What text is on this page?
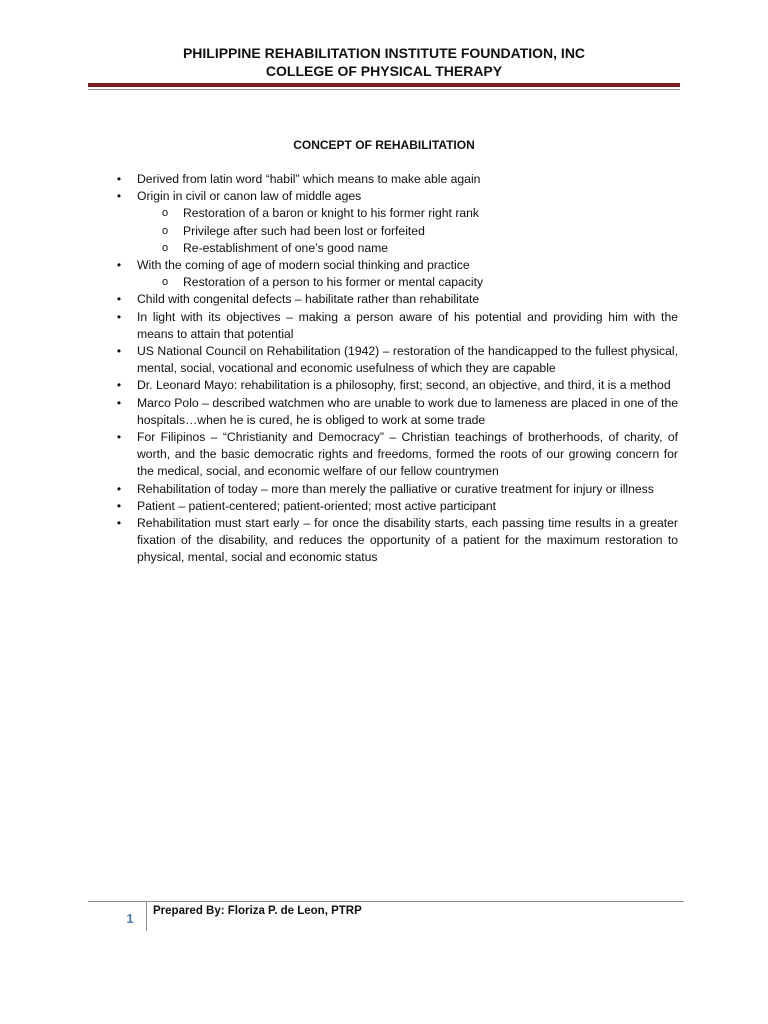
PHILIPPINE REHABILITATION INSTITUTE FOUNDATION, INC
COLLEGE OF PHYSICAL THERAPY
CONCEPT OF REHABILITATION
• Derived from latin word “habil” which means to make able again
• Origin in civil or canon law of middle ages
o Restoration of a baron or knight to his former right rank
o Privilege after such had been lost or forfeited
o Re-establishment of one’s good name
• With the coming of age of modern social thinking and practice
o Restoration of a person to his former or mental capacity
• Child with congenital defects – habilitate rather than rehabilitate
• In light with its objectives – making a person aware of his potential and providing him with the means to attain that potential
• US National Council on Rehabilitation (1942) – restoration of the handicapped to the fullest physical, mental, social, vocational and economic usefulness of which they are capable
• Dr. Leonard Mayo: rehabilitation is a philosophy, first; second, an objective, and third, it is a method
• Marco Polo – described watchmen who are unable to work due to lameness are placed in one of the hospitals…when he is cured, he is obliged to work at some trade
• For Filipinos – “Christianity and Democracy” – Christian teachings of brotherhoods, of charity, of worth, and the basic democratic rights and freedoms, formed the roots of our growing concern for the medical, social, and economic welfare of our fellow countrymen
• Rehabilitation of today – more than merely the palliative or curative treatment for injury or illness
• Patient – patient-centered; patient-oriented; most active participant
• Rehabilitation must start early – for once the disability starts, each passing time results in a greater fixation of the disability, and reduces the opportunity of a patient for the maximum restoration to physical, mental, social and economic status
1	Prepared By: Floriza P. de Leon, PTRP
